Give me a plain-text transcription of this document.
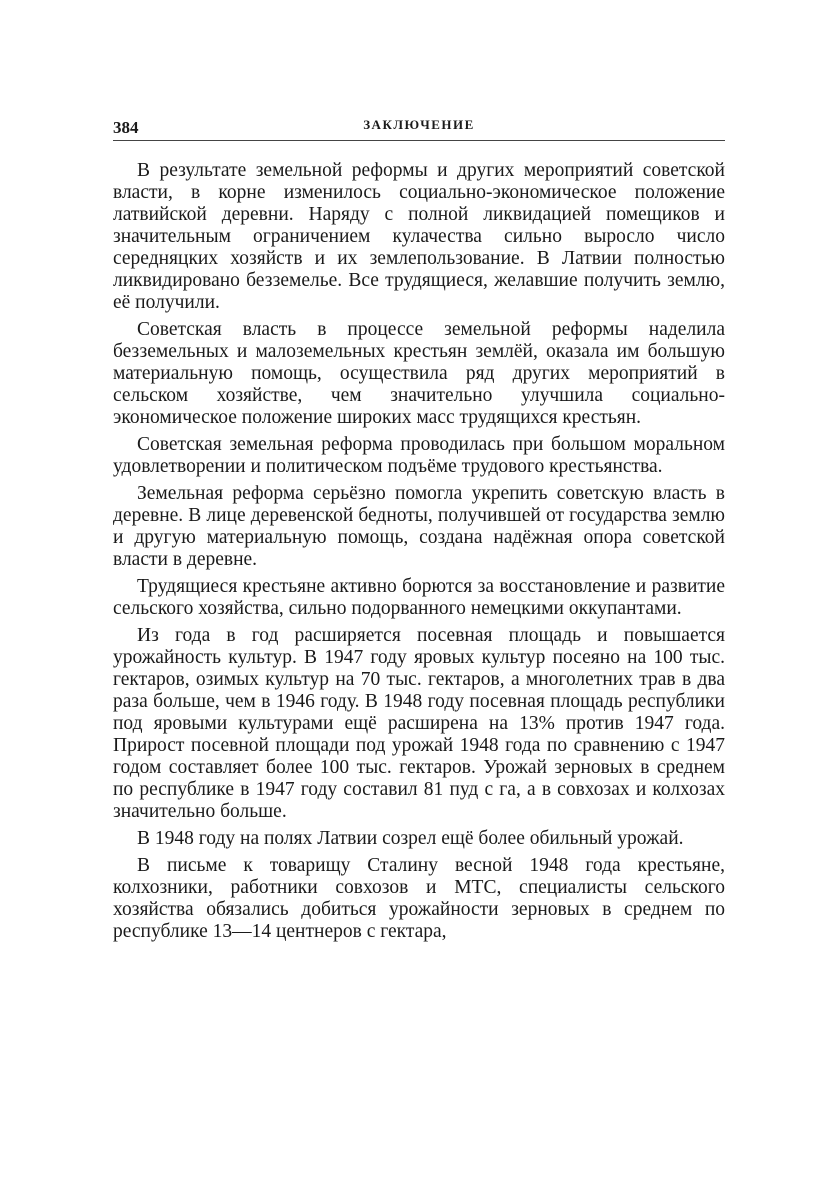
384	ЗАКЛЮЧЕНИЕ

В результате земельной реформы и других мероприятий советской власти, в корне изменилось социально-экономическое положение латвийской деревни. Наряду с полной ликвидацией помещиков и значительным ограничением кулачества сильно выросло число середняцких хозяйств и их землепользование. В Латвии полностью ликвидировано безземелье. Все трудящиеся, желавшие получить землю, её получили.

Советская власть в процессе земельной реформы наделила безземельных и малоземельных крестьян землёй, оказала им большую материальную помощь, осуществила ряд других мероприятий в сельском хозяйстве, чем значительно улучшила социально-экономическое положение широких масс трудящихся крестьян.

Советская земельная реформа проводилась при большом моральном удовлетворении и политическом подъёме трудового крестьянства.

Земельная реформа серьёзно помогла укрепить советскую власть в деревне. В лице деревенской бедноты, получившей от государства землю и другую материальную помощь, создана надёжная опора советской власти в деревне.

Трудящиеся крестьяне активно борются за восстановление и развитие сельского хозяйства, сильно подорванного немецкими оккупантами.

Из года в год расширяется посевная площадь и повышается урожайность культур. В 1947 году яровых культур посеяно на 100 тыс. гектаров, озимых культур на 70 тыс. гектаров, а многолетних трав в два раза больше, чем в 1946 году. В 1948 году посевная площадь республики под яровыми культурами ещё расширена на 13% против 1947 года. Прирост посевной площади под урожай 1948 года по сравнению с 1947 годом составляет более 100 тыс. гектаров. Урожай зерновых в среднем по республике в 1947 году составил 81 пуд с га, а в совхозах и колхозах значительно больше.

В 1948 году на полях Латвии созрел ещё более обильный урожай.

В письме к товарищу Сталину весной 1948 года крестьяне, колхозники, работники совхозов и МТС, специалисты сельского хозяйства обязались добиться урожайности зерновых в среднем по республике 13—14 центнеров с гектара,
